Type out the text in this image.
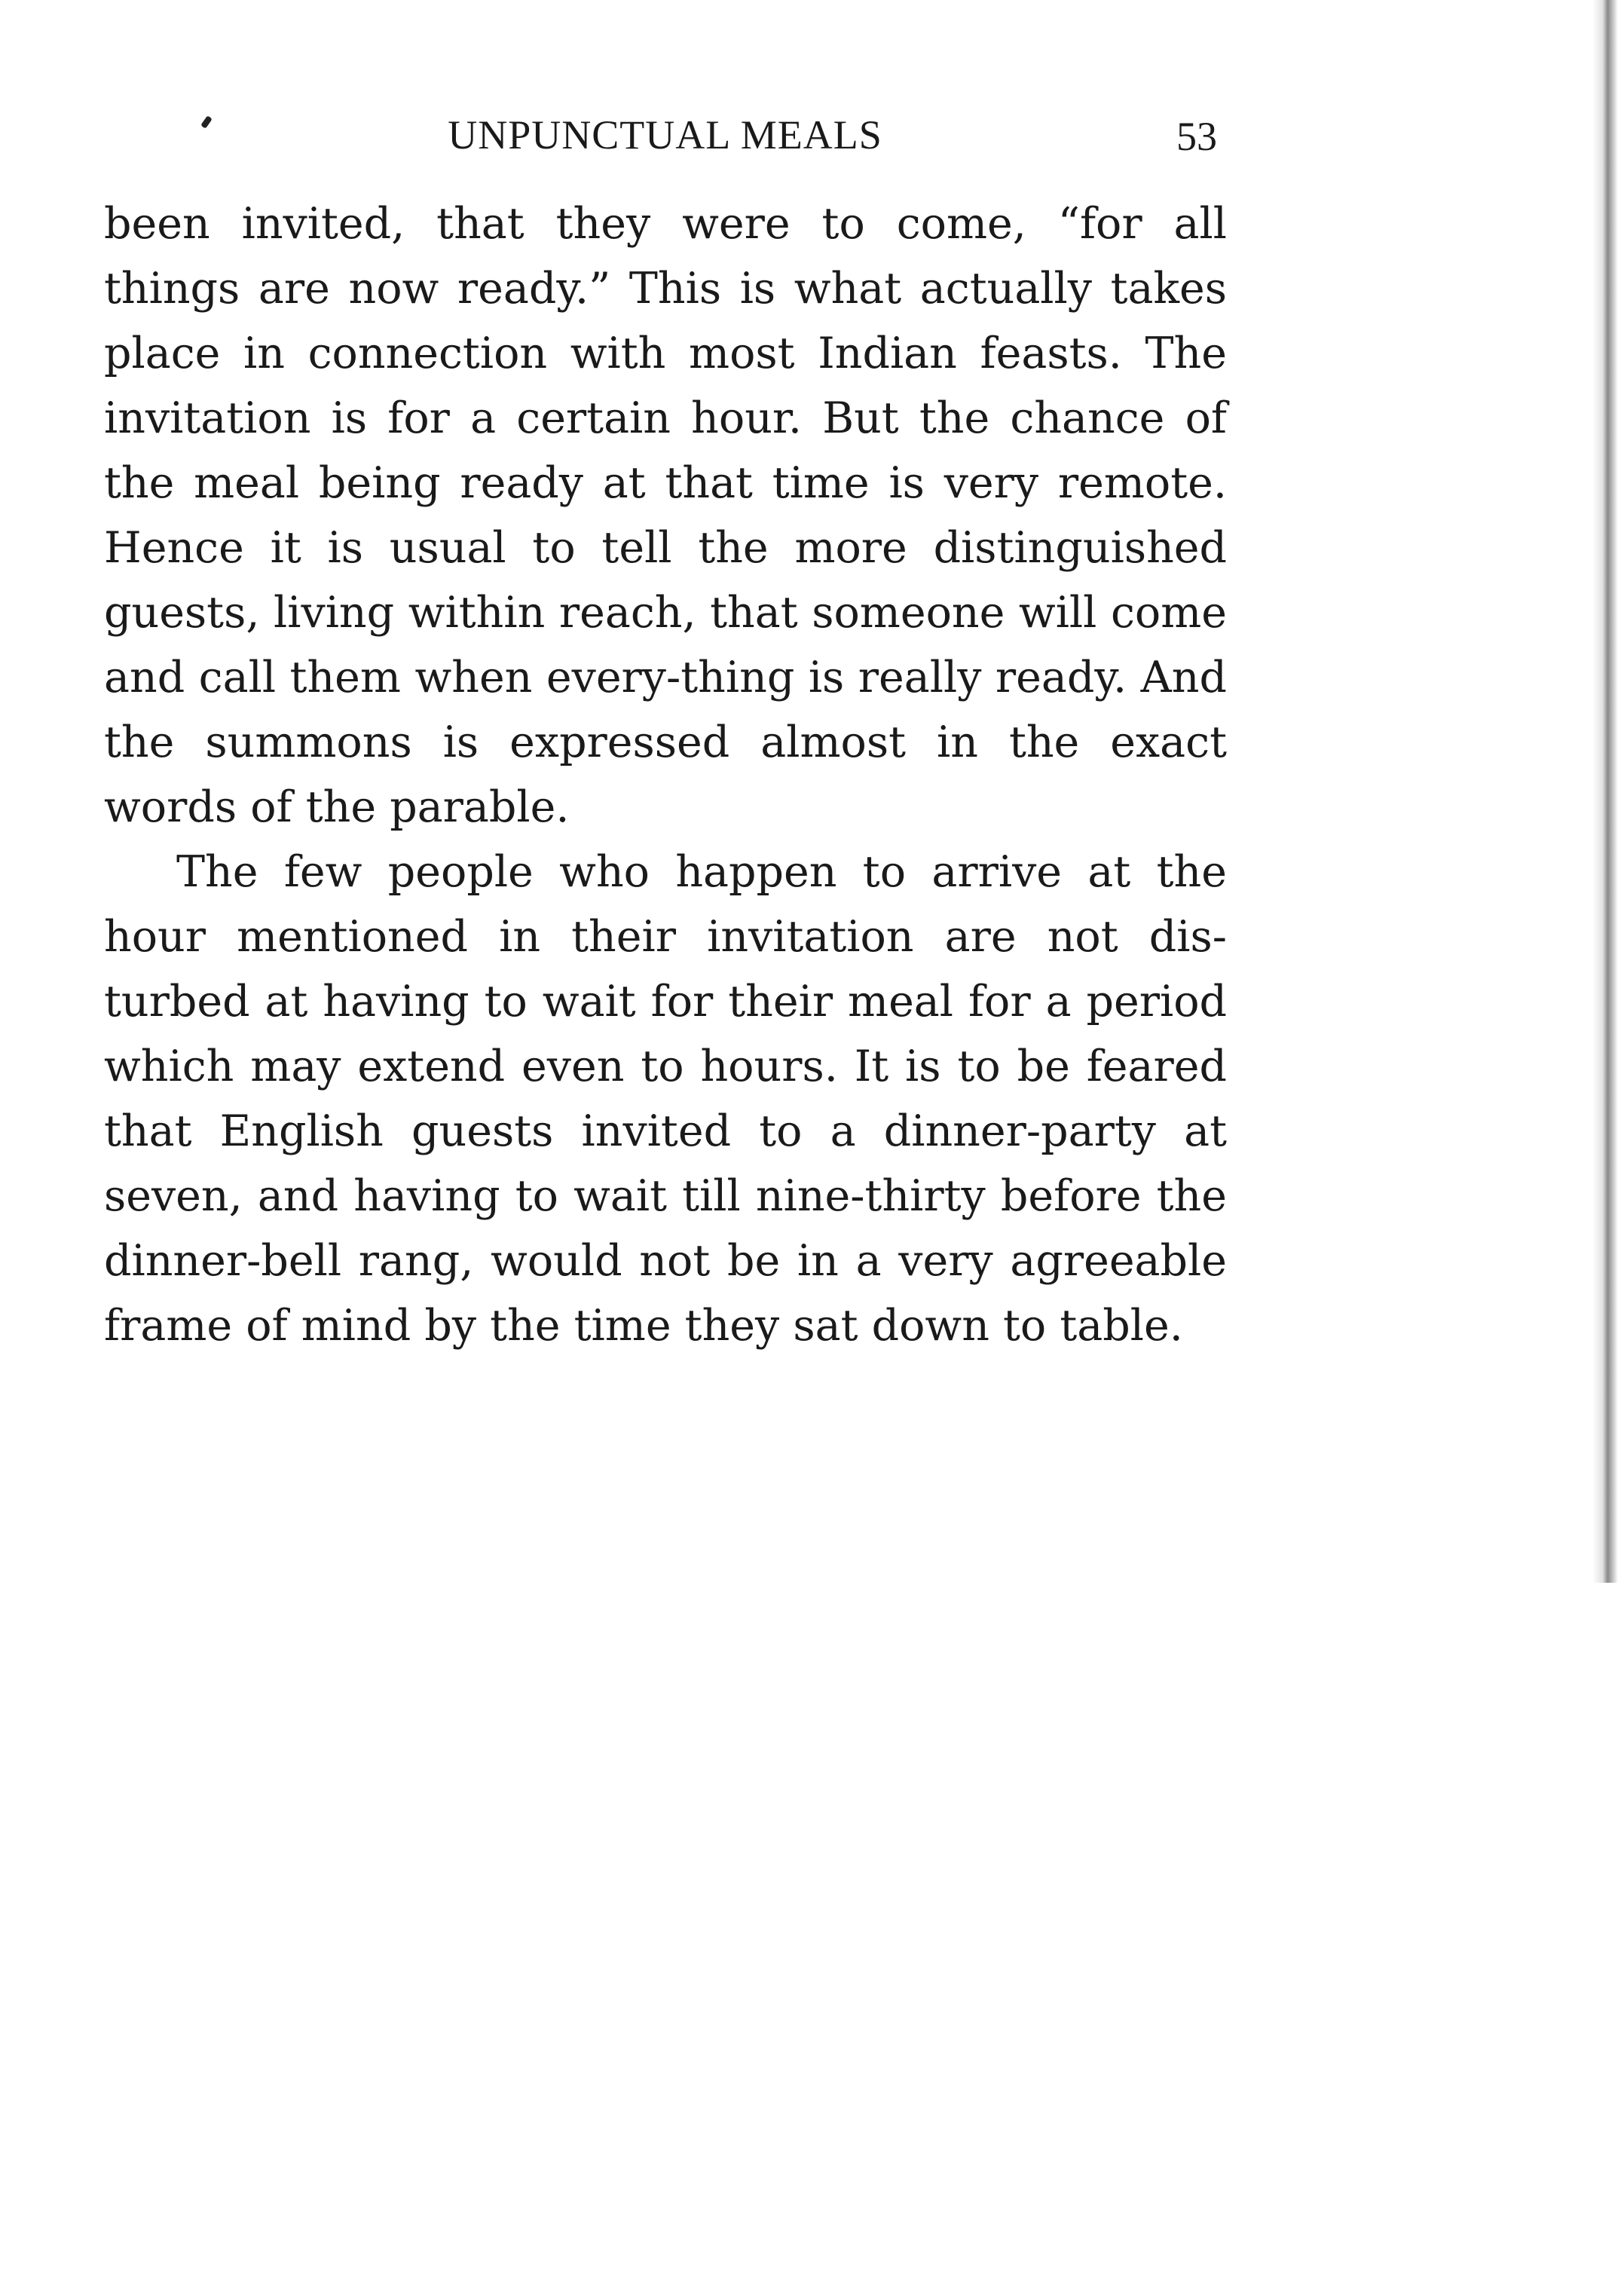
UNPUNCTUAL MEALS	53

been invited, that they were to come, “for all things are now ready.” This is what actually takes place in connection with most Indian feasts. The invitation is for a certain hour. But the chance of the meal being ready at that time is very remote. Hence it is usual to tell the more distinguished guests, living within reach, that someone will come and call them when every-thing is really ready. And the summons is expressed almost in the exact words of the parable.

The few people who happen to arrive at the hour mentioned in their invitation are not dis-turbed at having to wait for their meal for a period which may extend even to hours. It is to be feared that English guests invited to a dinner-party at seven, and having to wait till nine-thirty before the dinner-bell rang, would not be in a very agreeable frame of mind by the time they sat down to table.
